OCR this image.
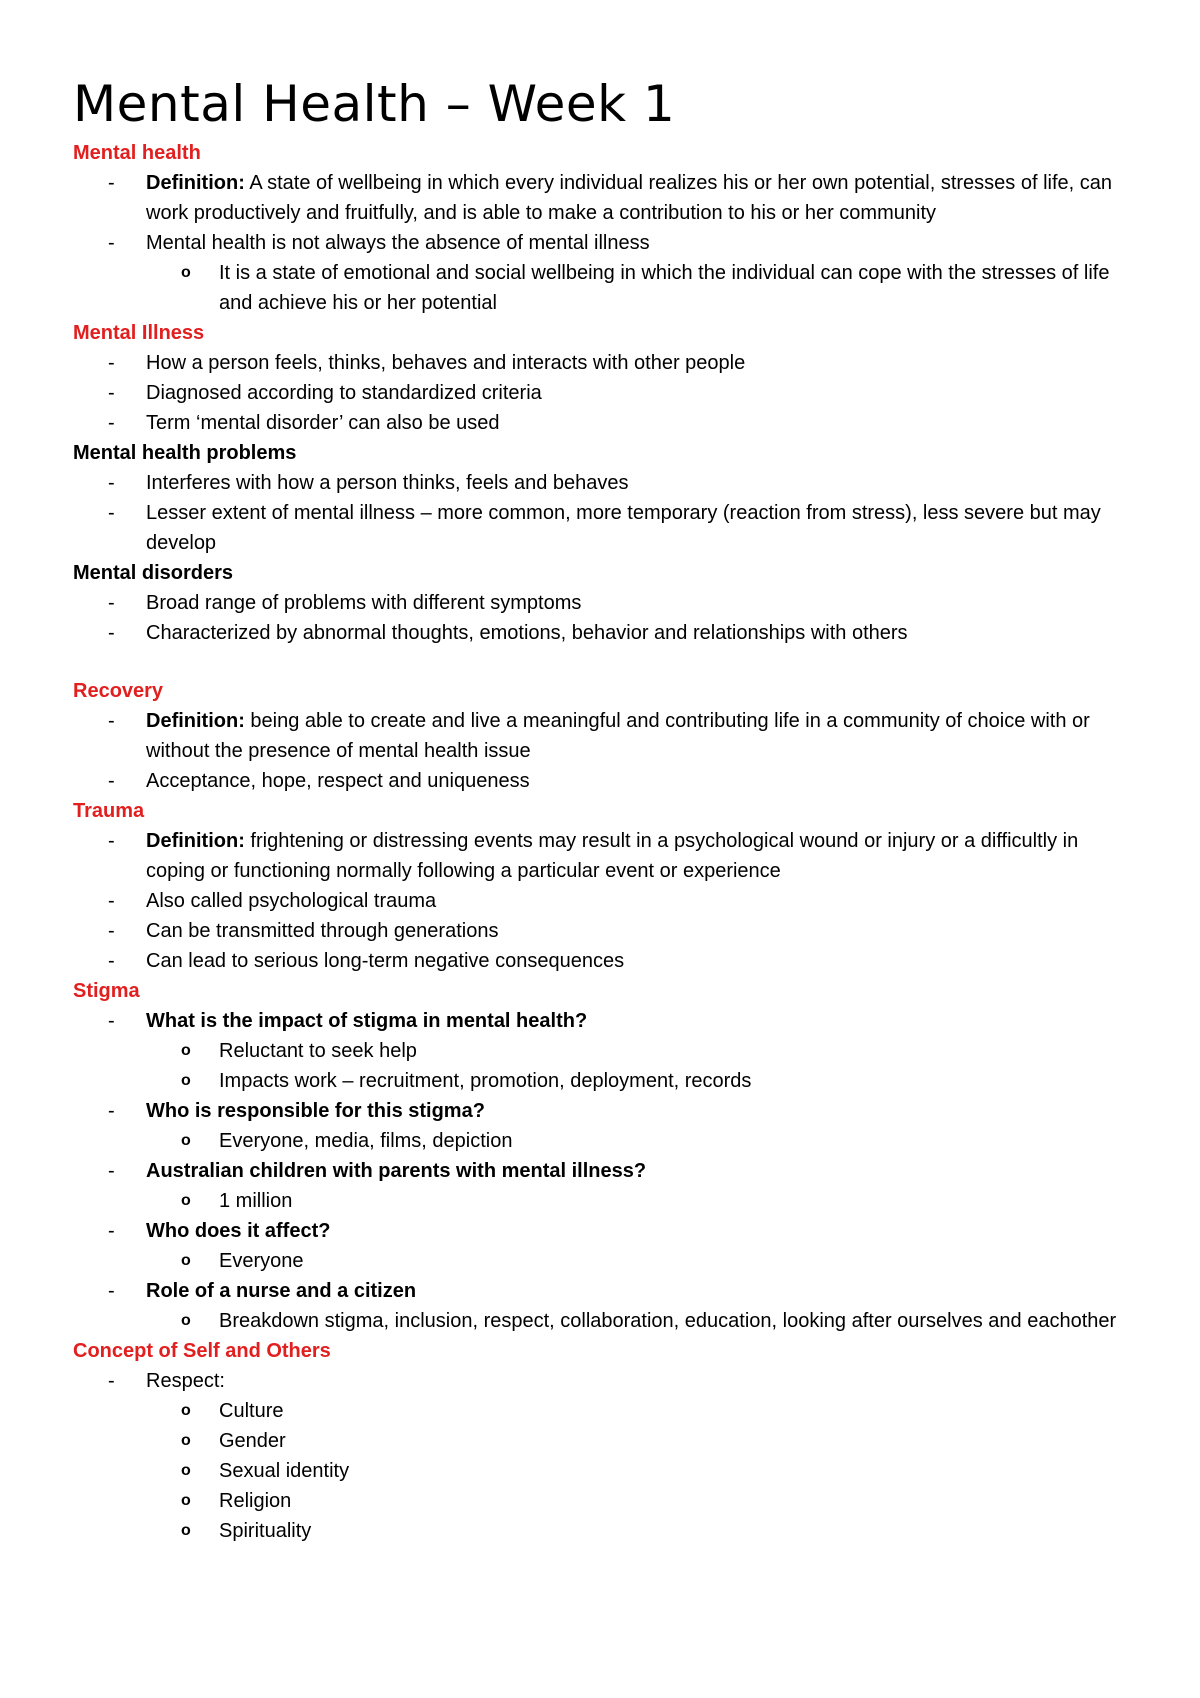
Mental Health – Week 1
Mental health
- Definition: A state of wellbeing in which every individual realizes his or her own potential, stresses of life, can work productively and fruitfully, and is able to make a contribution to his or her community
- Mental health is not always the absence of mental illness
o It is a state of emotional and social wellbeing in which the individual can cope with the stresses of life and achieve his or her potential
Mental Illness
- How a person feels, thinks, behaves and interacts with other people
- Diagnosed according to standardized criteria
- Term ‘mental disorder’ can also be used
Mental health problems
- Interferes with how a person thinks, feels and behaves
- Lesser extent of mental illness – more common, more temporary (reaction from stress), less severe but may develop
Mental disorders
- Broad range of problems with different symptoms
- Characterized by abnormal thoughts, emotions, behavior and relationships with others
Recovery
- Definition: being able to create and live a meaningful and contributing life in a community of choice with or without the presence of mental health issue
- Acceptance, hope, respect and uniqueness
Trauma
- Definition: frightening or distressing events may result in a psychological wound or injury or a difficultly in coping or functioning normally following a particular event or experience
- Also called psychological trauma
- Can be transmitted through generations
- Can lead to serious long-term negative consequences
Stigma
- What is the impact of stigma in mental health?
o Reluctant to seek help
o Impacts work – recruitment, promotion, deployment, records
- Who is responsible for this stigma?
o Everyone, media, films, depiction
- Australian children with parents with mental illness?
o 1 million
- Who does it affect?
o Everyone
- Role of a nurse and a citizen
o Breakdown stigma, inclusion, respect, collaboration, education, looking after ourselves and eachother
Concept of Self and Others
- Respect:
o Culture
o Gender
o Sexual identity
o Religion
o Spirituality
